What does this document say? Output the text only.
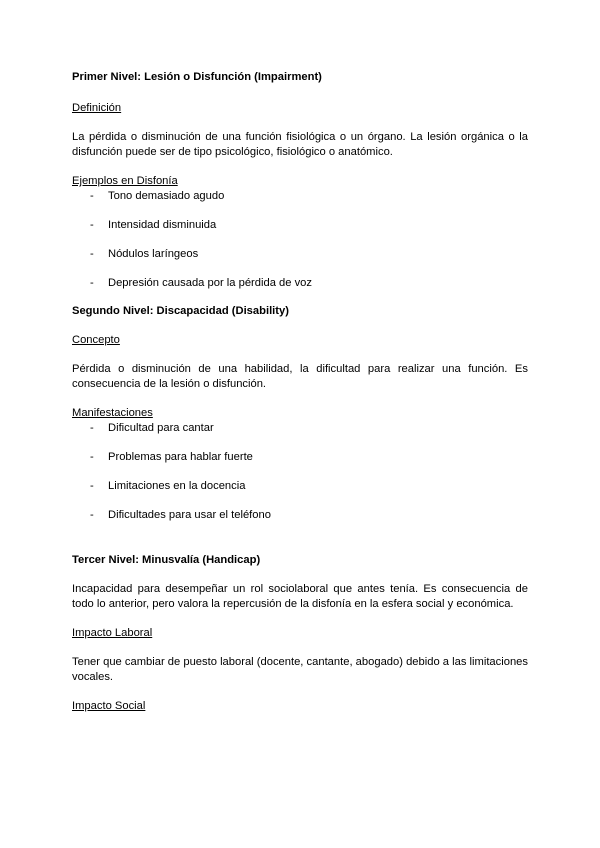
Primer Nivel: Lesión o Disfunción (Impairment)

Definición

La pérdida o disminución de una función fisiológica o un órgano. La lesión orgánica o la disfunción puede ser de tipo psicológico, fisiológico o anatómico.

Ejemplos en Disfonía

- Tono demasiado agudo
- Intensidad disminuida
- Nódulos laríngeos
- Depresión causada por la pérdida de voz

Segundo Nivel: Discapacidad (Disability)

Concepto

Pérdida o disminución de una habilidad, la dificultad para realizar una función. Es consecuencia de la lesión o disfunción.

Manifestaciones

- Dificultad para cantar
- Problemas para hablar fuerte
- Limitaciones en la docencia
- Dificultades para usar el teléfono

Tercer Nivel: Minusvalía (Handicap)

Incapacidad para desempeñar un rol sociolaboral que antes tenía. Es consecuencia de todo lo anterior, pero valora la repercusión de la disfonía en la esfera social y económica.

Impacto Laboral

Tener que cambiar de puesto laboral (docente, cantante, abogado) debido a las limitaciones vocales.

Impacto Social
